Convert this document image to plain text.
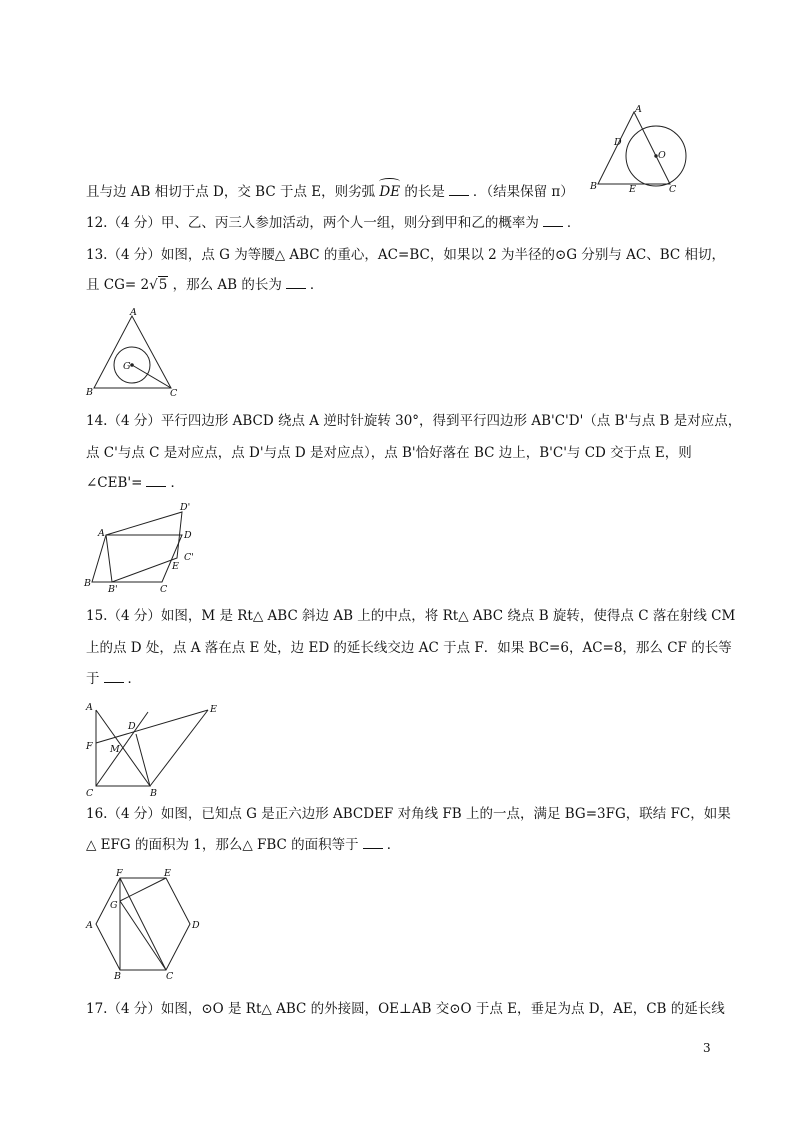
A
B	C
D
E
O
且与边 AB 相切于点 D，交 BC 于点 E，则劣弧 DE 的长是 ．（结果保留 π）
12.（4 分）甲、乙、丙三人参加活动，两个人一组，则分到甲和乙的概率为 ．
13.（4 分）如图，点 G 为等腰△ ABC 的重心，AC=BC，如果以 2 为半径的⊙G 分别与 AC、BC 相切，
且 CG= 2√5 ，那么 AB 的长为 ．
A
B	C
G
14.（4 分）平行四边形 ABCD 绕点 A 逆时针旋转 30°，得到平行四边形 AB'C'D'（点 B'与点 B 是对应点，
点 C'与点 C 是对应点，点 D'与点 D 是对应点），点 B'恰好落在 BC 边上，B'C'与 CD 交于点 E，则
∠CEB'= ．
A
B
C
D
B'
C'
D'
E
15.（4 分）如图，M 是 Rt△ ABC 斜边 AB 上的中点，将 Rt△ ABC 绕点 B 旋转，使得点 C 落在射线 CM
上的点 D 处，点 A 落在点 E 处，边 ED 的延长线交边 AC 于点 F．如果 BC=6，AC=8，那么 CF 的长等
于 ．
A
B
C
D
E
F M
16.（4 分）如图，已知点 G 是正六边形 ABCDEF 对角线 FB 上的一点，满足 BG=3FG，联结 FC，如果
△ EFG 的面积为 1，那么△ FBC 的面积等于 ．
A
B	C
D
E
F
G
17.（4 分）如图，⊙O 是 Rt△ ABC 的外接圆，OE⊥AB 交⊙O 于点 E，垂足为点 D，AE，CB 的延长线
3
